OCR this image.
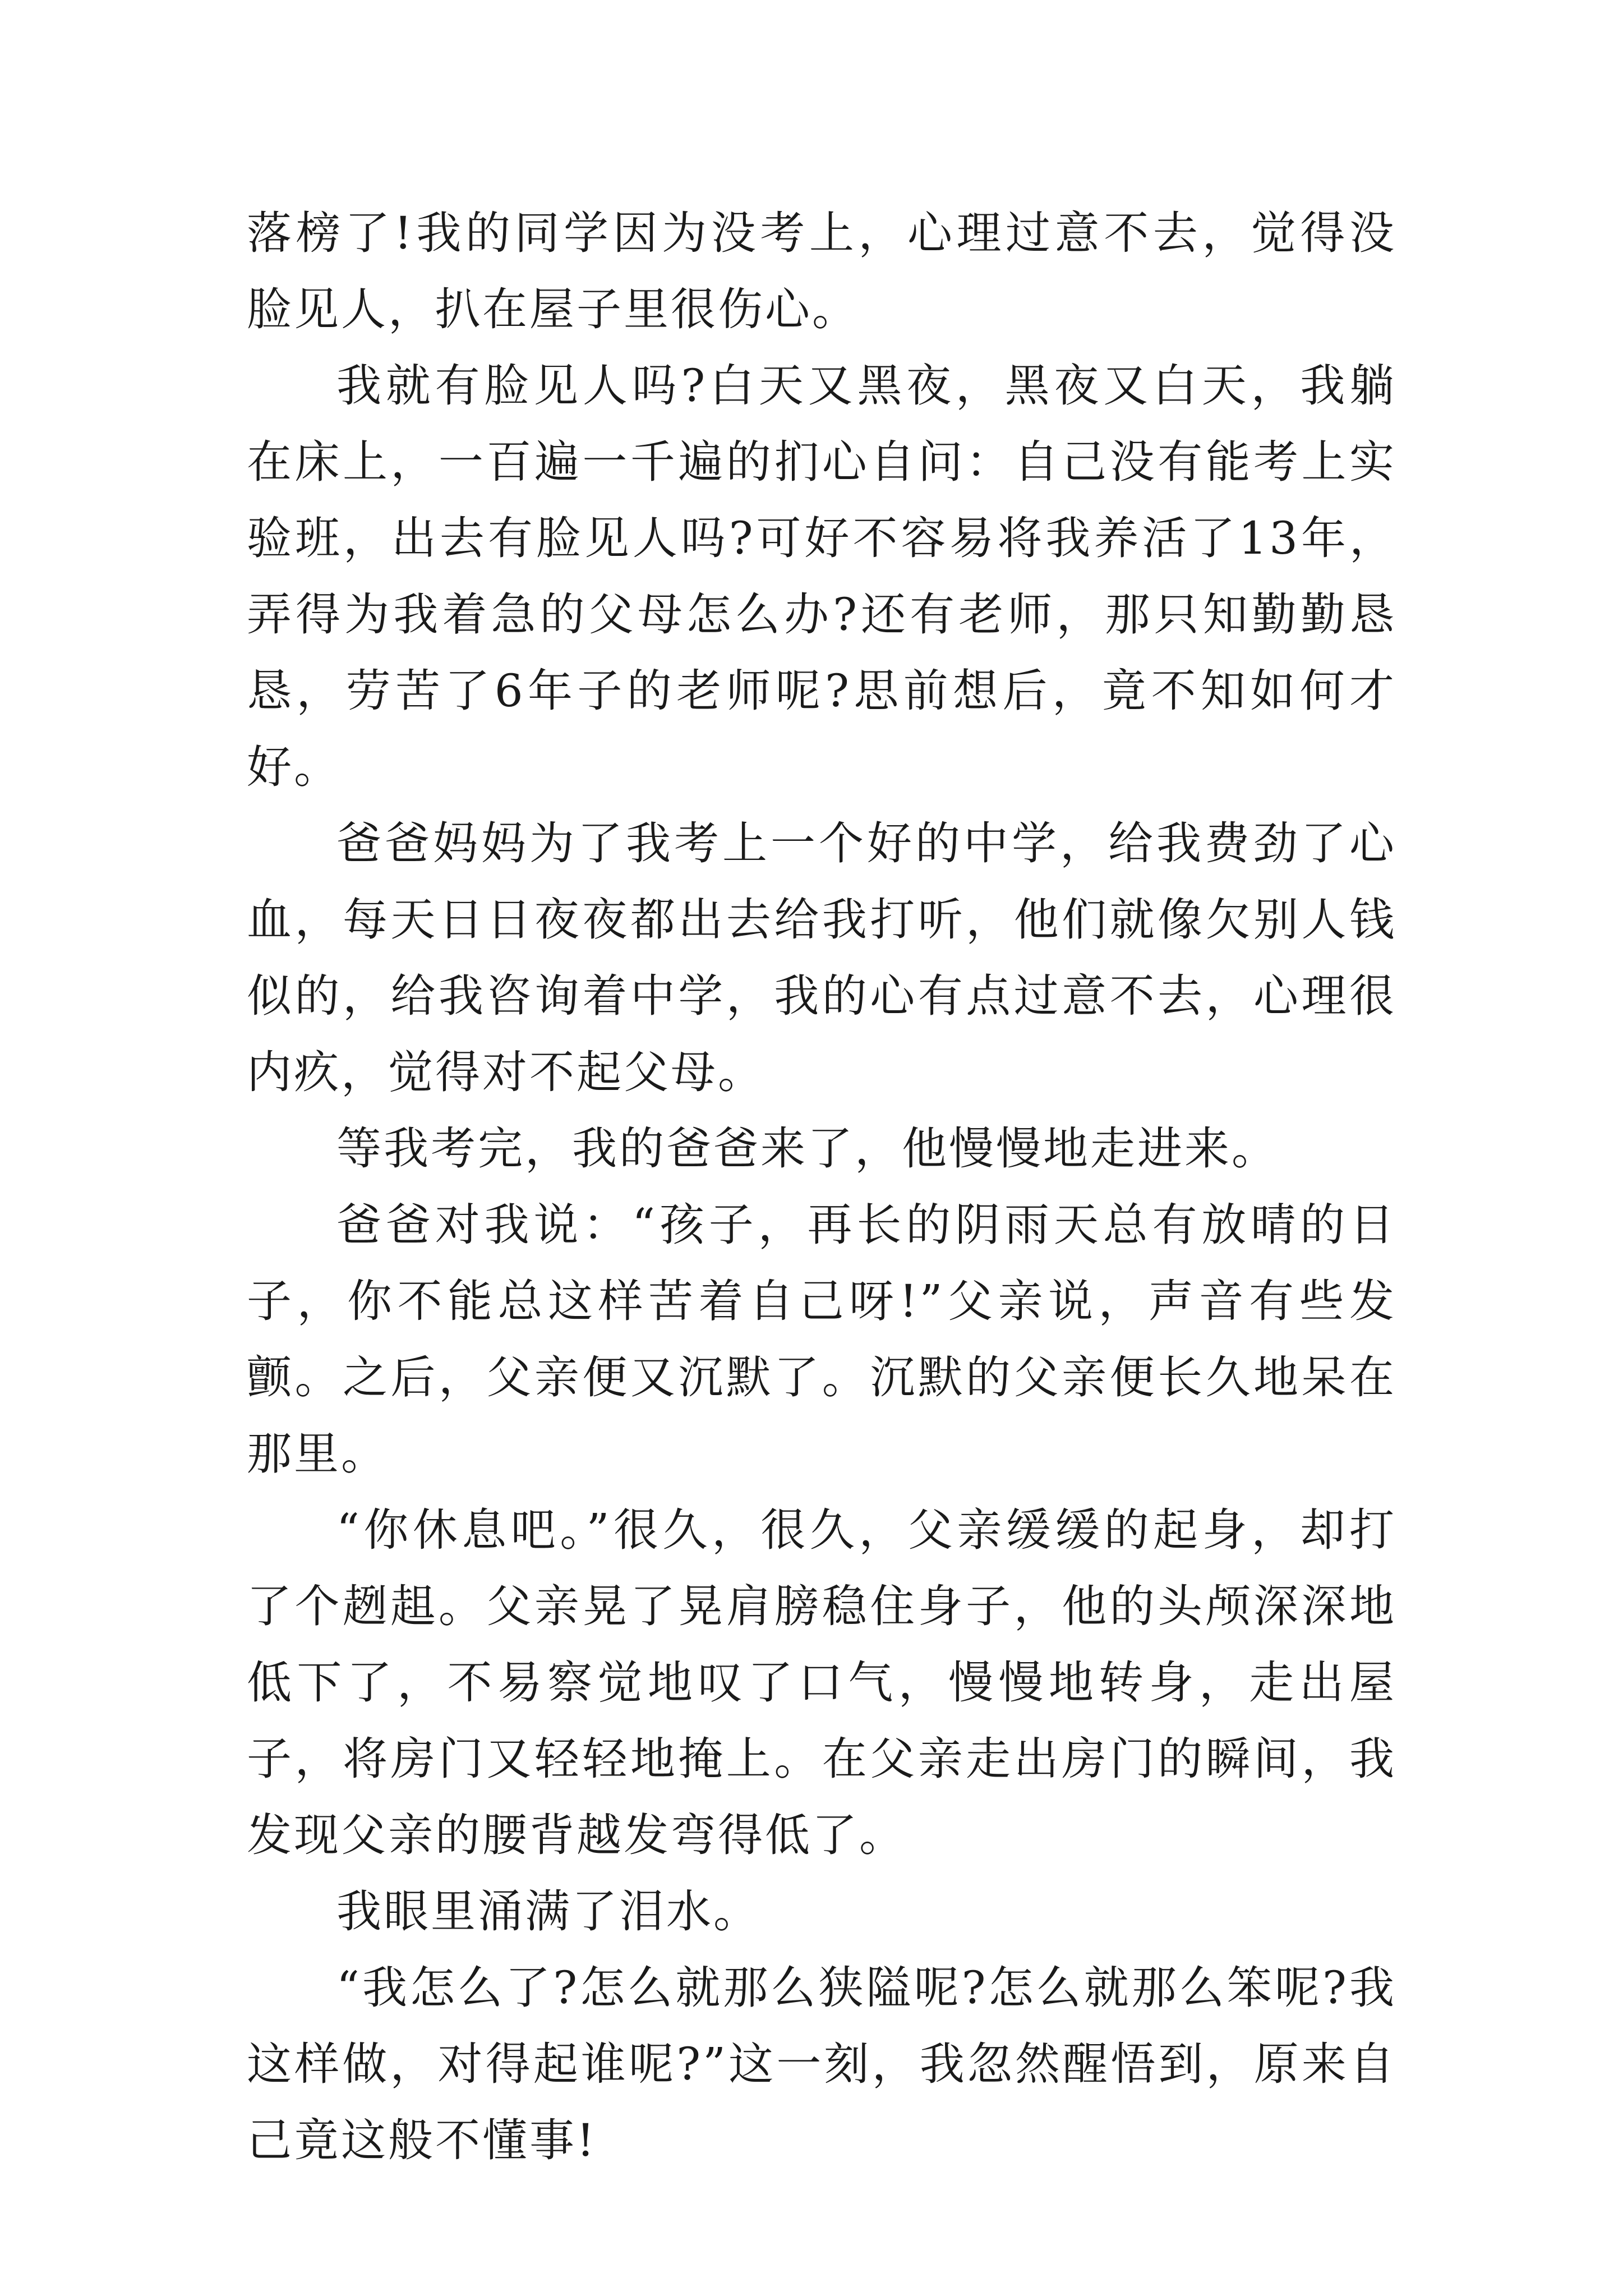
落榜了!我的同学因为没考上，心理过意不去，觉得没脸见人，扒在屋子里很伤心。

我就有脸见人吗?白天又黑夜，黑夜又白天，我躺在床上，一百遍一千遍的扪心自问：自己没有能考上实验班，出去有脸见人吗?可好不容易将我养活了13年，弄得为我着急的父母怎么办?还有老师，那只知勤勤恳恳，劳苦了6年子的老师呢?思前想后，竟不知如何才好。

爸爸妈妈为了我考上一个好的中学，给我费劲了心血，每天日日夜夜都出去给我打听，他们就像欠别人钱似的，给我咨询着中学，我的心有点过意不去，心理很内疚，觉得对不起父母。

等我考完，我的爸爸来了，他慢慢地走进来。

爸爸对我说：“孩子，再长的阴雨天总有放晴的日子，你不能总这样苦着自己呀!”父亲说，声音有些发颤。之后，父亲便又沉默了。沉默的父亲便长久地呆在那里。

“你休息吧。”很久，很久，父亲缓缓的起身，却打了个趔趄。父亲晃了晃肩膀稳住身子，他的头颅深深地低下了，不易察觉地叹了口气，慢慢地转身，走出屋子，将房门又轻轻地掩上。在父亲走出房门的瞬间，我发现父亲的腰背越发弯得低了。

我眼里涌满了泪水。

“我怎么了?怎么就那么狭隘呢?怎么就那么笨呢?我这样做，对得起谁呢?”这一刻，我忽然醒悟到，原来自己竟这般不懂事!
